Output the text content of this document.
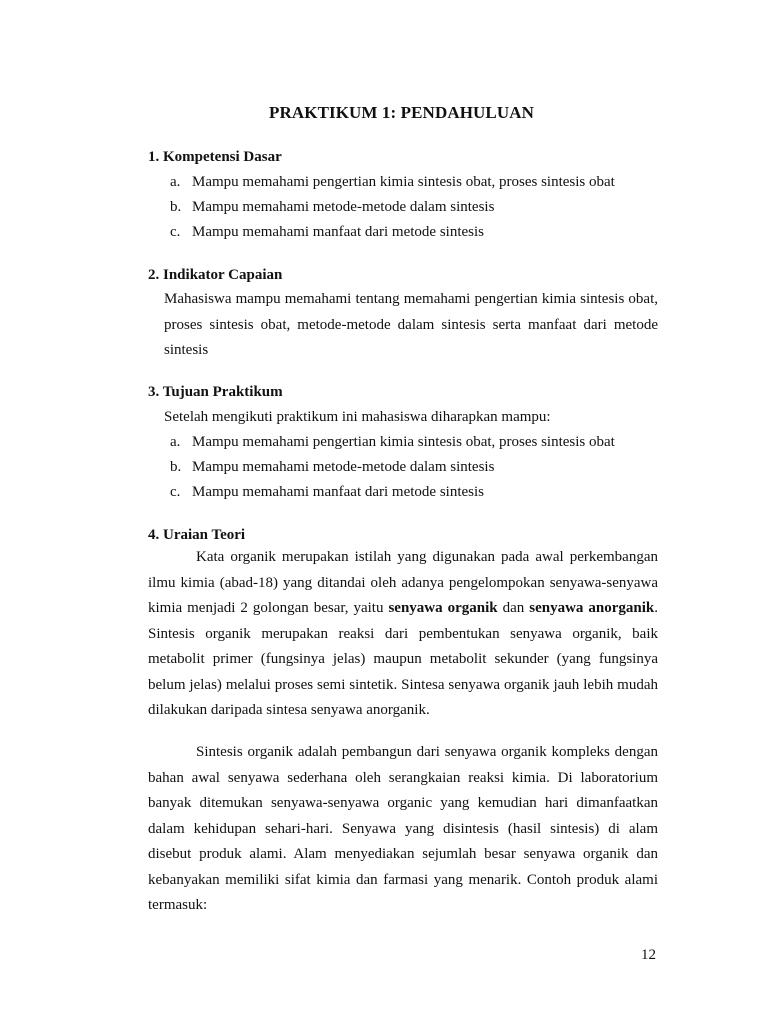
PRAKTIKUM 1: PENDAHULUAN
1. Kompetensi Dasar
a. Mampu memahami pengertian kimia sintesis obat, proses sintesis obat
b. Mampu memahami metode-metode dalam sintesis
c. Mampu memahami manfaat dari metode sintesis
2. Indikator Capaian
Mahasiswa mampu memahami tentang memahami pengertian kimia sintesis obat, proses sintesis obat, metode-metode dalam sintesis serta manfaat dari metode sintesis
3. Tujuan Praktikum
Setelah mengikuti praktikum ini mahasiswa diharapkan mampu:
a. Mampu memahami pengertian kimia sintesis obat, proses sintesis obat
b. Mampu memahami metode-metode dalam sintesis
c. Mampu memahami manfaat dari metode sintesis
4. Uraian Teori
Kata organik merupakan istilah yang digunakan pada awal perkembangan ilmu kimia (abad-18) yang ditandai oleh adanya pengelompokan senyawa-senyawa kimia menjadi 2 golongan besar, yaitu senyawa organik dan senyawa anorganik. Sintesis organik merupakan reaksi dari pembentukan senyawa organik, baik metabolit primer (fungsinya jelas) maupun metabolit sekunder (yang fungsinya belum jelas) melalui proses semi sintetik. Sintesa senyawa organik jauh lebih mudah dilakukan daripada sintesa senyawa anorganik.
Sintesis organik adalah pembangun dari senyawa organik kompleks dengan bahan awal senyawa sederhana oleh serangkaian reaksi kimia. Di laboratorium banyak ditemukan senyawa-senyawa organic yang kemudian hari dimanfaatkan dalam kehidupan sehari-hari. Senyawa yang disintesis (hasil sintesis) di alam disebut produk alami. Alam menyediakan sejumlah besar senyawa organik dan kebanyakan memiliki sifat kimia dan farmasi yang menarik. Contoh produk alami termasuk:
12
